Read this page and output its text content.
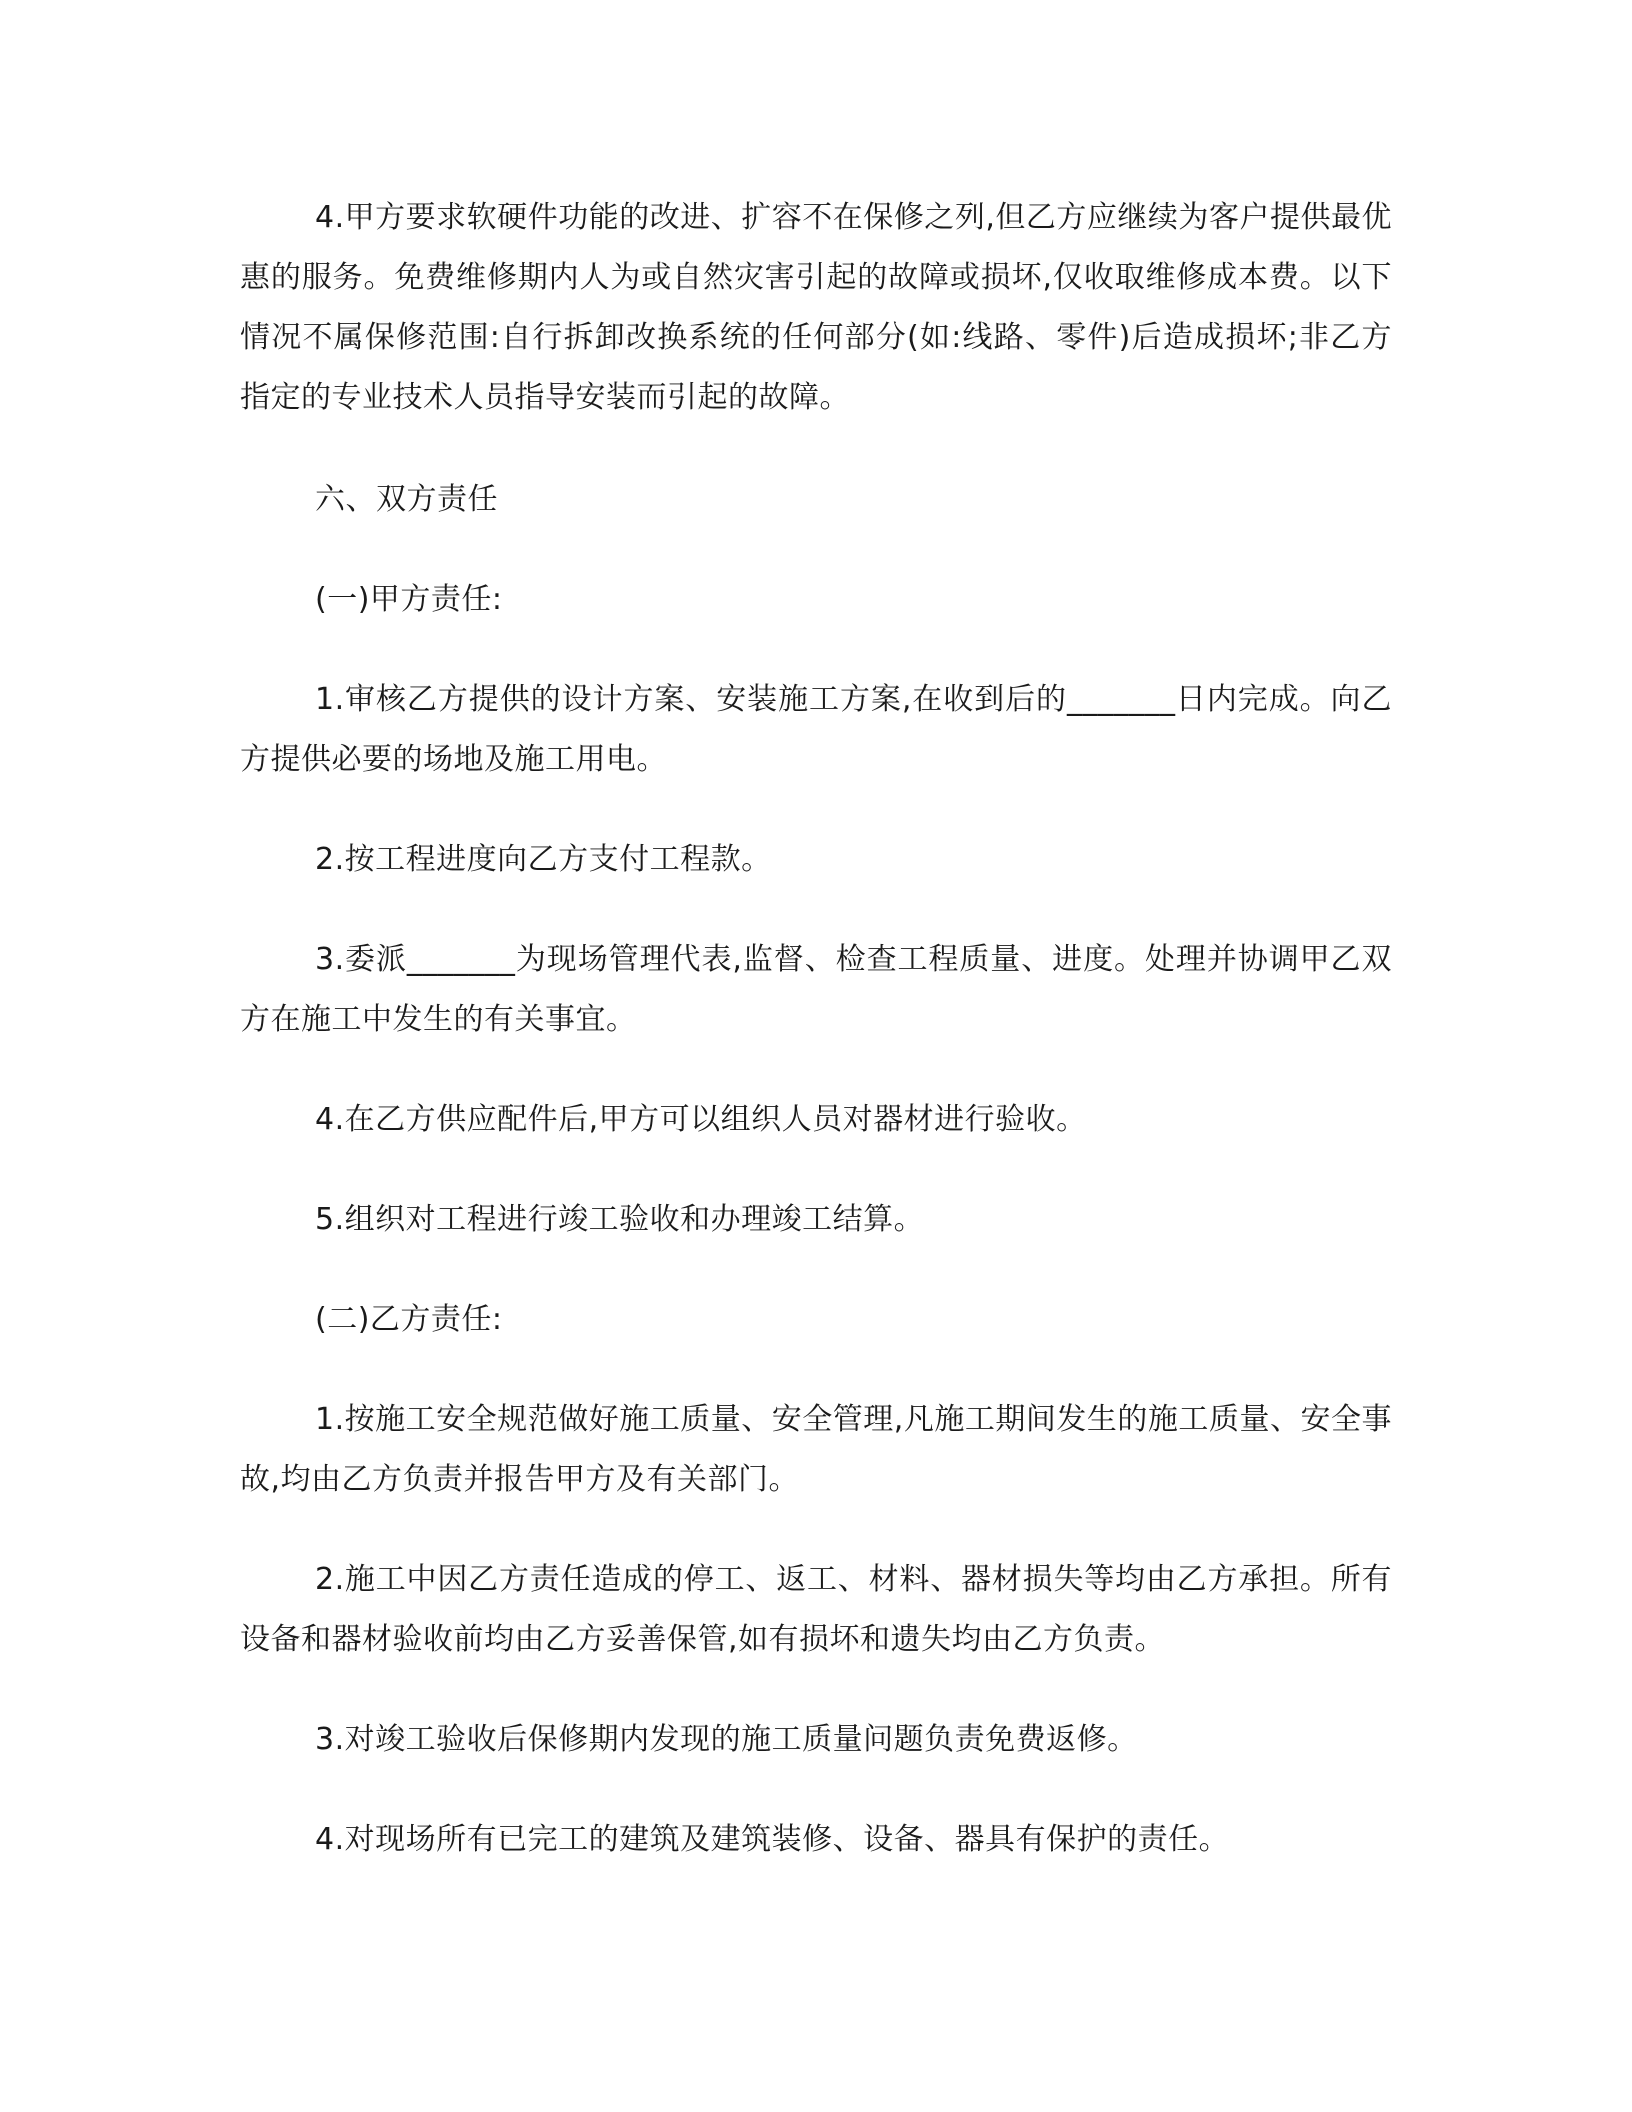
4.甲方要求软硬件功能的改进、扩容不在保修之列,但乙方应继续为客户提供最优惠的服务。免费维修期内人为或自然灾害引起的故障或损坏,仅收取维修成本费。以下情况不属保修范围:自行拆卸改换系统的任何部分(如:线路、零件)后造成损坏;非乙方指定的专业技术人员指导安装而引起的故障。

六、双方责任

(一)甲方责任:

1.审核乙方提供的设计方案、安装施工方案,在收到后的_______日内完成。向乙方提供必要的场地及施工用电。

2.按工程进度向乙方支付工程款。

3.委派_______为现场管理代表,监督、检查工程质量、进度。处理并协调甲乙双方在施工中发生的有关事宜。

4.在乙方供应配件后,甲方可以组织人员对器材进行验收。

5.组织对工程进行竣工验收和办理竣工结算。

(二)乙方责任:

1.按施工安全规范做好施工质量、安全管理,凡施工期间发生的施工质量、安全事故,均由乙方负责并报告甲方及有关部门。

2.施工中因乙方责任造成的停工、返工、材料、器材损失等均由乙方承担。所有设备和器材验收前均由乙方妥善保管,如有损坏和遗失均由乙方负责。

3.对竣工验收后保修期内发现的施工质量问题负责免费返修。

4.对现场所有已完工的建筑及建筑装修、设备、器具有保护的责任。
